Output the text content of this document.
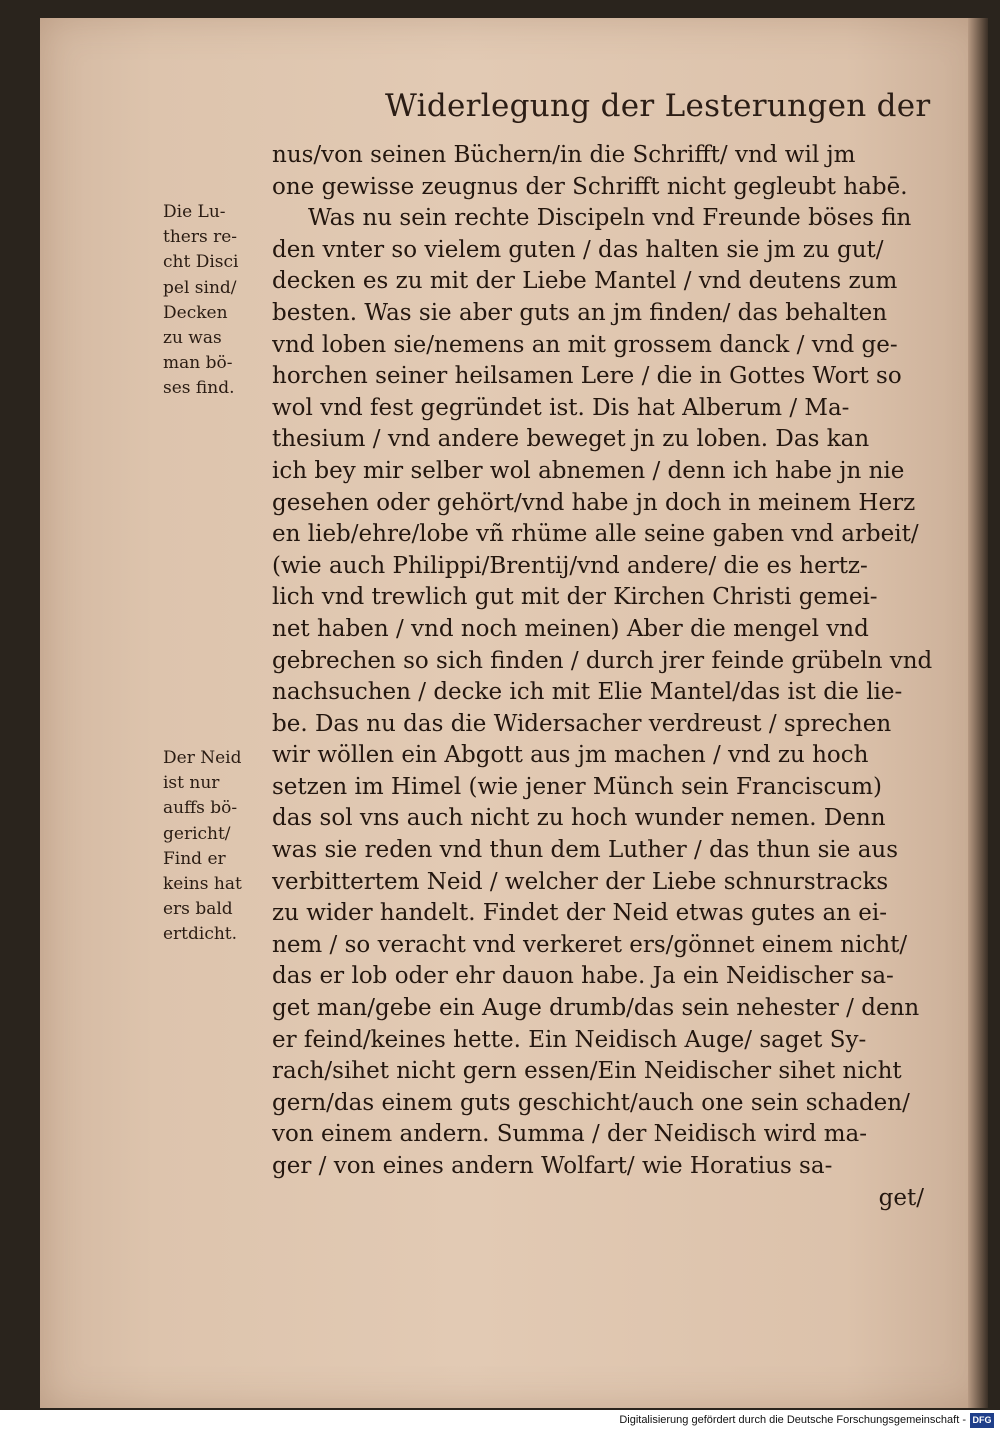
Widerlegung der Lesterungen der
Die Lu-
thers re-
cht Disci
pel sind/
Decken
zu was
man bö-
ses find.
Der Neid
ist nur
auffs bö-
gericht/
Find er
keins hat
ers bald
ertdicht.
nus/von seinen Büchern/in die Schrifft/ vnd wil jm
one gewisse zeugnus der Schrifft nicht gegleubt habē.
Was nu sein rechte Discipeln vnd Freunde böses fin
den vnter so vielem guten / das halten sie jm zu gut/
decken es zu mit der Liebe Mantel / vnd deutens zum
besten. Was sie aber guts an jm finden/ das behalten
vnd loben sie/nemens an mit grossem danck / vnd ge-
horchen seiner heilsamen Lere / die in Gottes Wort so
wol vnd fest gegründet ist. Dis hat Alberum / Ma-
thesium / vnd andere beweget jn zu loben. Das kan
ich bey mir selber wol abnemen / denn ich habe jn nie
gesehen oder gehört/vnd habe jn doch in meinem Herz
en lieb/ehre/lobe vñ rhüme alle seine gaben vnd arbeit/
(wie auch Philippi/Brentij/vnd andere/ die es hertz-
lich vnd trewlich gut mit der Kirchen Christi gemei-
net haben / vnd noch meinen) Aber die mengel vnd
gebrechen so sich finden / durch jrer feinde grübeln vnd
nachsuchen / decke ich mit Elie Mantel/das ist die lie-
be. Das nu das die Widersacher verdreust / sprechen
wir wöllen ein Abgott aus jm machen / vnd zu hoch
setzen im Himel (wie jener Münch sein Franciscum)
das sol vns auch nicht zu hoch wunder nemen. Denn
was sie reden vnd thun dem Luther / das thun sie aus
verbittertem Neid / welcher der Liebe schnurstracks
zu wider handelt. Findet der Neid etwas gutes an ei-
nem / so veracht vnd verkeret ers/gönnet einem nicht/
das er lob oder ehr dauon habe. Ja ein Neidischer sa-
get man/gebe ein Auge drumb/das sein nehester / denn
er feind/keines hette. Ein Neidisch Auge/ saget Sy-
rach/sihet nicht gern essen/Ein Neidischer sihet nicht
gern/das einem guts geschicht/auch one sein schaden/
von einem andern. Summa / der Neidisch wird ma-
ger / von eines andern Wolfart/ wie Horatius sa-
get/
Digitalisierung gefördert durch die Deutsche Forschungsgemeinschaft - DFG
